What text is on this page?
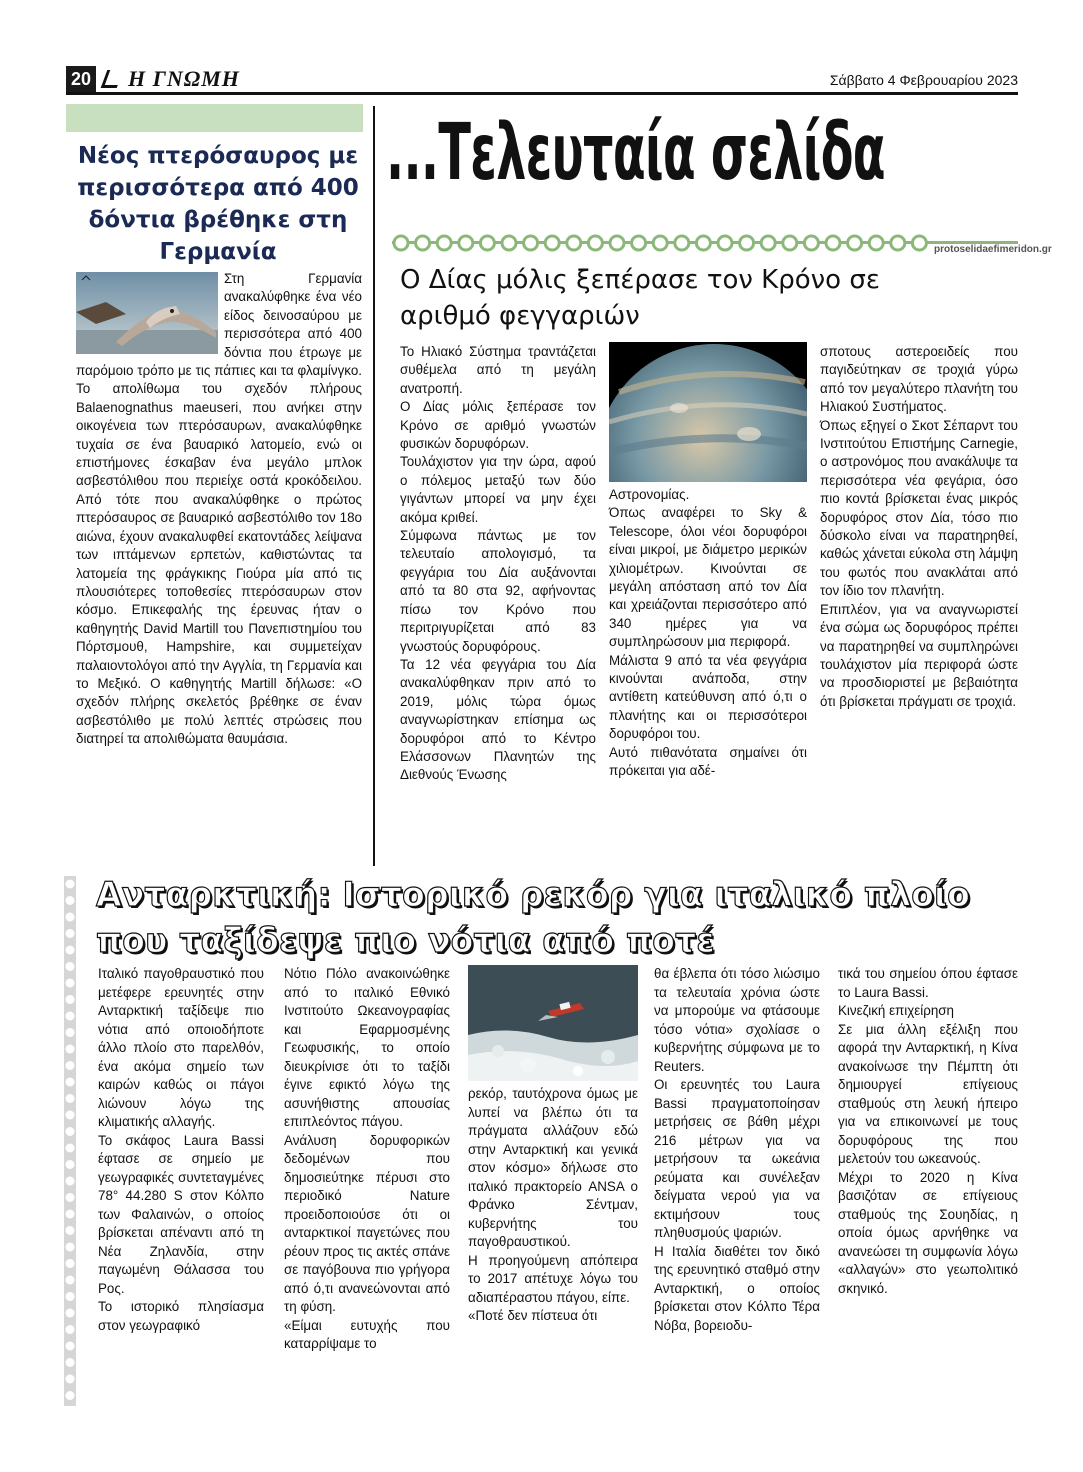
20	Η ΓΝΩΜΗ	Σάββατο 4 Φεβρουαρίου 2023
Νέος πτερόσαυρος με περισσότερα από 400 δόντια βρέθηκε στη Γερμανία

Στη Γερμανία ανακαλύφθηκε ένα νέο είδος δεινοσαύρου με περισσότερα από 400 δόντια που έτρωγε με παρόμοιο τρόπο με τις πάπιες και τα φλαμίνγκο. Το απολίθωμα του σχεδόν πλήρους Balaenognathus maeuseri, που ανήκει στην οικογένεια των πτερόσαυρων, ανακαλύφθηκε τυχαία σε ένα βαυαρικό λατομείο, ενώ οι επιστήμονες έσκαβαν ένα μεγάλο μπλοκ ασβεστόλιθου που περιείχε οστά κροκόδειλου. Από τότε που ανακαλύφθηκε ο πρώτος πτερόσαυρος σε βαυαρικό ασβεστόλιθο τον 18ο αιώνα, έχουν ανακαλυφθεί εκατοντάδες λείψανα των ιπτάμενων ερπετών, καθιστώντας τα λατομεία της φράγκικης Γιούρα μία από τις πλουσιότερες τοποθεσίες πτερόσαυρων στον κόσμο. Επικεφαλής της έρευνας ήταν ο καθηγητής David Martill του Πανεπιστημίου του Πόρτσμουθ, Hampshire, και συμμετείχαν παλαιοντολόγοι από την Αγγλία, τη Γερμανία και το Μεξικό. Ο καθηγητής Martill δήλωσε: «Ο σχεδόν πλήρης σκελετός βρέθηκε σε έναν ασβεστόλιθο με πολύ λεπτές στρώσεις που διατηρεί τα απολιθώματα θαυμάσια.

...Τελευταία σελίδα
protoselidaefimeridon.gr
Ο Δίας μόλις ξεπέρασε τον Κρόνο σε αριθμό φεγγαριών

Το Ηλιακό Σύστημα τραντάζεται συθέμελα από τη μεγάλη ανατροπή.

Ο Δίας μόλις ξεπέρασε τον Κρόνο σε αριθμό γνωστών φυσικών δορυφόρων.

Τουλάχιστον για την ώρα, αφού ο πόλεμος μεταξύ των δύο γιγάντων μπορεί να μην έχει ακόμα κριθεί.

Σύμφωνα πάντως με τον τελευταίο απολογισμό, τα φεγγάρια του Δία αυξάνονται από τα 80 στα 92, αφήνοντας πίσω τον Κρόνο που περιτριγυρίζεται από 83 γνωστούς δορυφόρους.

Τα 12 νέα φεγγάρια του Δία ανακαλύφθηκαν πριν από το 2019, μόλις τώρα όμως αναγνωρίστηκαν επίσημα ως δορυφόροι από το Κέντρο Ελάσσονων Πλανητών της Διεθνούς Ένωσης

Αστρονομίας.

Όπως αναφέρει το Sky & Telescope, όλοι νέοι δορυφόροι είναι μικροί, με διάμετρο μερικών χιλιομέτρων. Κινούνται σε μεγάλη απόσταση από τον Δία και χρειάζονται περισσότερο από 340 ημέρες για να συμπληρώσουν μια περιφορά.

Μάλιστα 9 από τα νέα φεγγάρια κινούνται ανάποδα, στην αντίθετη κατεύθυνση από ό,τι ο πλανήτης και οι περισσότεροι δορυφόροι του.

Αυτό πιθανότατα σημαίνει ότι πρόκειται για αδέ-

σποτους αστεροειδείς που παγιδεύτηκαν σε τροχιά γύρω από τον μεγαλύτερο πλανήτη του Ηλιακού Συστήματος.

Όπως εξηγεί ο Σκοτ Σέπαρντ του Ινστιτούτου Επιστήμης Carnegie, ο αστρονόμος που ανακάλυψε τα περισσότερα νέα φεγάρια, όσο πιο κοντά βρίσκεται ένας μικρός δορυφόρος στον Δία, τόσο πιο δύσκολο είναι να παρατηρηθεί, καθώς χάνεται εύκολα στη λάμψη του φωτός που ανακλάται από τον ίδιο τον πλανήτη.

Επιπλέον, για να αναγνωριστεί ένα σώμα ως δορυφόρος πρέπει να παρατηρηθεί να συμπληρώνει τουλάχιστον μία περιφορά ώστε να προσδιοριστεί με βεβαιότητα ότι βρίσκεται πράγματι σε τροχιά.

Ανταρκτική: Ιστορικό ρεκόρ για ιταλικό πλοίο
που ταξίδεψε πιο νότια από ποτέ

Ιταλικό παγοθραυστικό που μετέφερε ερευνητές στην Ανταρκτική ταξίδεψε πιο νότια από οποιοδήποτε άλλο πλοίο στο παρελθόν, ένα ακόμα σημείο των καιρών καθώς οι πάγοι λιώνουν λόγω της κλιματικής αλλαγής.

Το σκάφος Laura Bassi έφτασε σε σημείο με γεωγραφικές συντεταγμένες 78° 44.280 S στον Κόλπο των Φαλαινών, ο οποίος βρίσκεται απέναντι από τη Νέα Ζηλανδία, στην παγωμένη Θάλασσα του Ρος.

Το ιστορικό πλησίασμα στον γεωγραφικό

Νότιο Πόλο ανακοινώθηκε από το ιταλικό Εθνικό Ινστιτούτο Ωκεανογραφίας και Εφαρμοσμένης Γεωφυσικής, το οποίο διευκρίνισε ότι το ταξίδι έγινε εφικτό λόγω της ασυνήθιστης απουσίας επιπλεόντος πάγου.

Ανάλυση δορυφορικών δεδομένων που δημοσιεύτηκε πέρυσι στο περιοδικό Nature προειδοποιούσε ότι οι ανταρκτικοί παγετώνες που ρέουν προς τις ακτές σπάνε σε παγόβουνα πιο γρήγορα από ό,τι ανανεώνονται από τη φύση.

«Είμαι ευτυχής που καταρρίψαμε το

ρεκόρ, ταυτόχρονα όμως με λυπεί να βλέπω ότι τα πράγματα αλλάζουν εδώ στην Ανταρκτική και γενικά στον κόσμο» δήλωσε στο ιταλικό πρακτορείο ANSA ο Φράνκο Σέντμαν, κυβερνήτης του παγοθραυστικού.

Η προηγούμενη απόπειρα το 2017 απέτυχε λόγω του αδιαπέραστου πάγου, είπε.

«Ποτέ δεν πίστευα ότι

θα έβλεπα ότι τόσο λιώσιμο τα τελευταία χρόνια ώστε να μπορούμε να φτάσουμε τόσο νότια» σχολίασε ο κυβερνήτης σύμφωνα με το Reuters.

Οι ερευνητές του Laura Bassi πραγματοποίησαν μετρήσεις σε βάθη μέχρι 216 μέτρων για να μετρήσουν τα ωκεάνια ρεύματα και συνέλεξαν δείγματα νερού για να εκτιμήσουν τους πληθυσμούς ψαριών.

Η Ιταλία διαθέτει τον δικό της ερευνητικό σταθμό στην Ανταρκτική, ο οποίος βρίσκεται στον Κόλπο Τέρα Νόβα, βορειοδυ-

τικά του σημείου όπου έφτασε το Laura Bassi.

Κινεζική επιχείρηση

Σε μια άλλη εξέλιξη που αφορά την Ανταρκτική, η Κίνα ανακοίνωσε την Πέμπτη ότι δημιουργεί επίγειους σταθμούς στη λευκή ήπειρο για να επικοινωνεί με τους δορυφόρους της που μελετούν του ωκεανούς.

Μέχρι το 2020 η Κίνα βασιζόταν σε επίγειους σταθμούς της Σουηδίας, η οποία όμως αρνήθηκε να ανανεώσει τη συμφωνία λόγω «αλλαγών» στο γεωπολιτικό σκηνικό.
